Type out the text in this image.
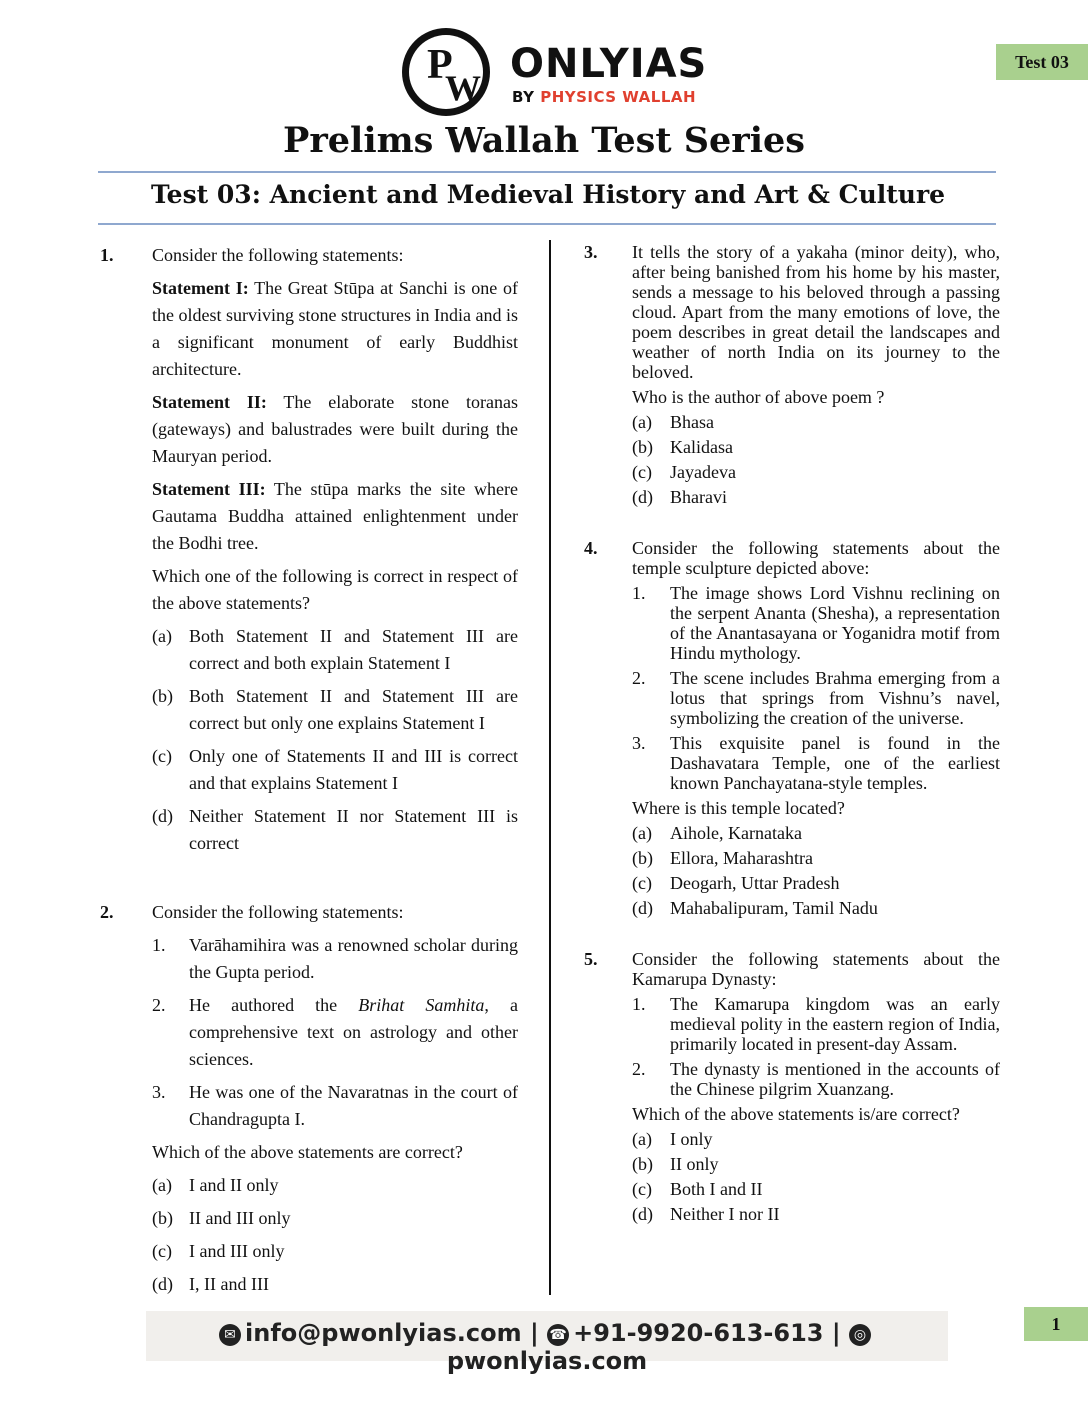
Test 03
P
W
ONLYIAS
BY PHYSICS WALLAH
Prelims Wallah Test Series
Test 03: Ancient and Medieval History and Art & Culture
1. Consider the following statements:

Statement I: The Great Stūpa at Sanchi is one of the oldest surviving stone structures in India and is a significant monument of early Buddhist architecture.

Statement II: The elaborate stone toranas (gateways) and balustrades were built during the Mauryan period.

Statement III: The stūpa marks the site where Gautama Buddha attained enlightenment under the Bodhi tree.

Which one of the following is correct in respect of the above statements?

(a) Both Statement II and Statement III are correct and both explain Statement I
(b) Both Statement II and Statement III are correct but only one explains Statement I
(c) Only one of Statements II and III is correct and that explains Statement I
(d) Neither Statement II nor Statement III is correct
2. Consider the following statements:

1. Varāhamihira was a renowned scholar during the Gupta period.
2. He authored the Brihat Samhita, a comprehensive text on astrology and other sciences.
3. He was one of the Navaratnas in the court of Chandragupta I.

Which of the above statements are correct?

(a) I and II only
(b) II and III only
(c) I and III only
(d) I, II and III
3. It tells the story of a yakaha (minor deity), who, after being banished from his home by his master, sends a message to his beloved through a passing cloud. Apart from the many emotions of love, the poem describes in great detail the landscapes and weather of north India on its journey to the beloved.

Who is the author of above poem ?

(a) Bhasa
(b) Kalidasa
(c) Jayadeva
(d) Bharavi
4. Consider the following statements about the temple sculpture depicted above:

1. The image shows Lord Vishnu reclining on the serpent Ananta (Shesha), a representation of the Anantasayana or Yoganidra motif from Hindu mythology.
2. The scene includes Brahma emerging from a lotus that springs from Vishnu’s navel, symbolizing the creation of the universe.
3. This exquisite panel is found in the Dashavatara Temple, one of the earliest known Panchayatana-style temples.

Where is this temple located?

(a) Aihole, Karnataka
(b) Ellora, Maharashtra
(c) Deogarh, Uttar Pradesh
(d) Mahabalipuram, Tamil Nadu
5. Consider the following statements about the Kamarupa Dynasty:

1. The Kamarupa kingdom was an early medieval polity in the eastern region of India, primarily located in present-day Assam.
2. The dynasty is mentioned in the accounts of the Chinese pilgrim Xuanzang.

Which of the above statements is/are correct?

(a) I only
(b) II only
(c) Both I and II
(d) Neither I nor II
✉ info@pwonlyias.com | ☎ +91-9920-613-613 | ◎pwonlyias.com
1
